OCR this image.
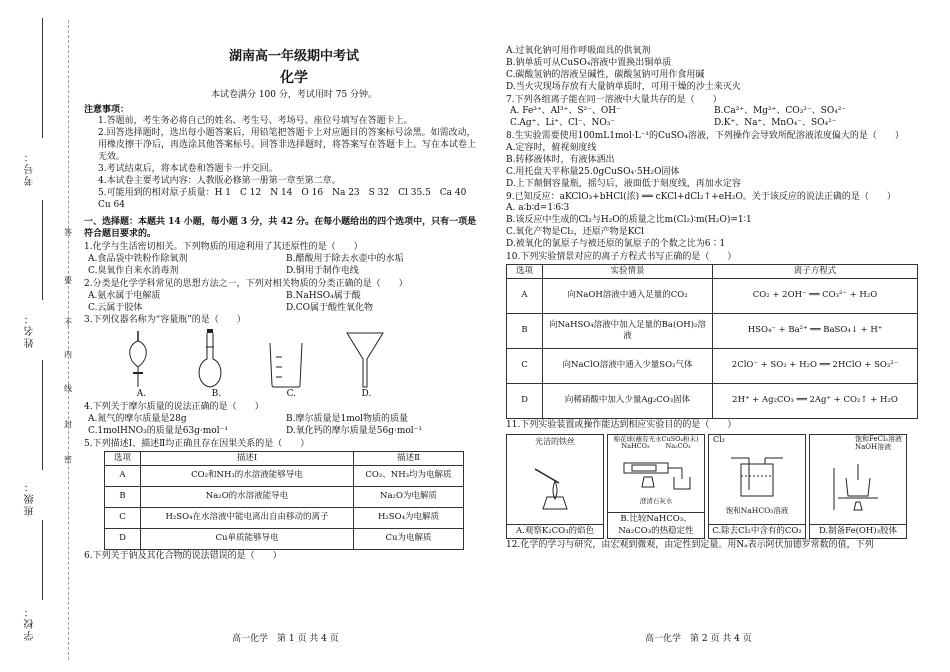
考号：
姓名：
班级：
学校：
答
要
不
内
线
封
密
湖南高一年级期中考试
化学
本试卷满分 100 分，考试用时 75 分钟。
注意事项：
1.答题前，考生务必将自己的姓名、考生号、考场号、座位号填写在答题卡上。
2.回答选择题时，选出每小题答案后，用铅笔把答题卡上对应题目的答案标号涂黑。如需改动，用橡皮擦干净后，再选涂其他答案标号。回答非选择题时，将答案写在答题卡上。写在本试卷上无效。
3.考试结束后，将本试卷和答题卡一并交回。
4.本试卷主要考试内容：人教版必修第一册第一章至第二章。
5.可能用到的相对原子质量：H 1　C 12　N 14　O 16　Na 23　S 32　Cl 35.5　Ca 40　Cu 64
一、选择题：本题共 14 小题，每小题 3 分，共 42 分。在每小题给出的四个选项中，只有一项是符合题目要求的。
1.化学与生活密切相关。下列物质的用途利用了其还原性的是（　　）
A.食品袋中铁粉作除氧剂	B.醋酸用于除去水壶中的水垢
C.臭氧作自来水消毒剂	D.铜用于制作电线
2.分类是化学学科常见的思想方法之一，下列对相关物质的分类正确的是（　　）
A.氨水属于电解质	B.NaHSO₄属于酸
C.云属于胶体	D.CO属于酸性氧化物
3.下列仪器名称为“容量瓶”的是（　　）
A.	B.	C.	D.
4.下列关于摩尔质量的说法正确的是（　　）
A.氮气的摩尔质量是28g	B.摩尔质量是1mol物质的质量
C.1molHNO₃的质量是63g·mol⁻¹	D.氧化钙的摩尔质量是56g·mol⁻¹
5.下列描述Ⅰ、描述Ⅱ均正确且存在因果关系的是（　　）
选项	描述Ⅰ	描述Ⅱ
A	CO₂和NH₃的水溶液能够导电	CO₂、NH₃均为电解质
B	Na₂O的水溶液能导电	Na₂O为电解质
C	H₂SO₄在水溶液中能电离出自由移动的离子	H₂SO₄为电解质
D	Cu单质能够导电	Cu为电解质
6.下列关于钠及其化合物的说法错误的是（　　）
A.过氧化钠可用作呼吸面具的供氧剂
B.钠单质可从CuSO₄溶液中置换出铜单质
C.碳酸氢钠的溶液呈碱性，碳酸氢钠可用作食用碱
D.当火灾现场存放有大量钠单质时，可用干燥的沙土来灭火
7.下列各组离子能在同一溶液中大量共存的是（　　）
A. Fe³⁺、Al³⁺、S²⁻、OH⁻	B.Ca²⁺、Mg²⁺、CO₃²⁻、SO₄²⁻
C.Ag⁺、Li⁺、Cl⁻、NO₃⁻	D.K⁺、Na⁺、MnO₄⁻、SO₄²⁻
8.生实验需要使用100mL1mol·L⁻¹的CuSO₄溶液，下列操作会导致所配溶液浓度偏大的是（　　）
A.定容时，俯视刻度线
B.转移液体时，有液体洒出
C.用托盘天平称量25.0gCuSO₄·5H₂O固体
D.上下颠倒容量瓶，摇匀后，液面低于刻度线，再加水定容
9.已知反应：aKClO₃+bHCl(浓) ══ cKCl+dCl₂↑+eH₂O。关于该反应的说法正确的是（　　）
A. a∶b∶d=1∶6∶3
B.该反应中生成的Cl₂与H₂O的质量之比m(Cl₂)∶m(H₂O)=1∶1
C.氧化产物是Cl₂，还原产物是KCl
D.被氧化的氯原子与被还原的氯原子的个数之比为6∶1
10.下列实验情景对应的离子方程式书写正确的是（　　）
选项	实验情景	离子方程式
A	向NaOH溶液中通入足量的CO₂	CO₂ + 2OH⁻ ══ CO₃²⁻ + H₂O
B	向NaHSO₄溶液中加入足量的Ba(OH)₂溶液	HSO₄⁻ + Ba²⁺ ══ BaSO₄↓ + H⁺
C	向NaClO溶液中通入少量SO₂气体	2ClO⁻ + SO₂ + H₂O ══ 2HClO + SO₃²⁻
D	向稀硝酸中加入少量Ag₂CO₃固体	2H⁺ + Ag₂CO₃ ══ 2Ag⁺ + CO₂↑ + H₂O
11.下列实验装置或操作能达到相应实验目的的是（　　）
光洁的铁丝
A.观察K₂CO₃的焰色
棉花球(蘸有无水CuSO₄粉末)
NaHCO₃ Na₂CO₃
澄清石灰水
B.比较NaHCO₃、Na₂CO₃的热稳定性
Cl₂
饱和NaHCO₃溶液
C.除去Cl₂中含有的CO₂
饱和FeCl₃溶液
NaOH溶液
D.制备Fe(OH)₃胶体
12.化学的学习与研究，由宏观到微观，由定性到定量。用Nₐ表示阿伏加德罗常数的值，下列
高一化学　第 1 页 共 4 页	高一化学　第 2 页 共 4 页
